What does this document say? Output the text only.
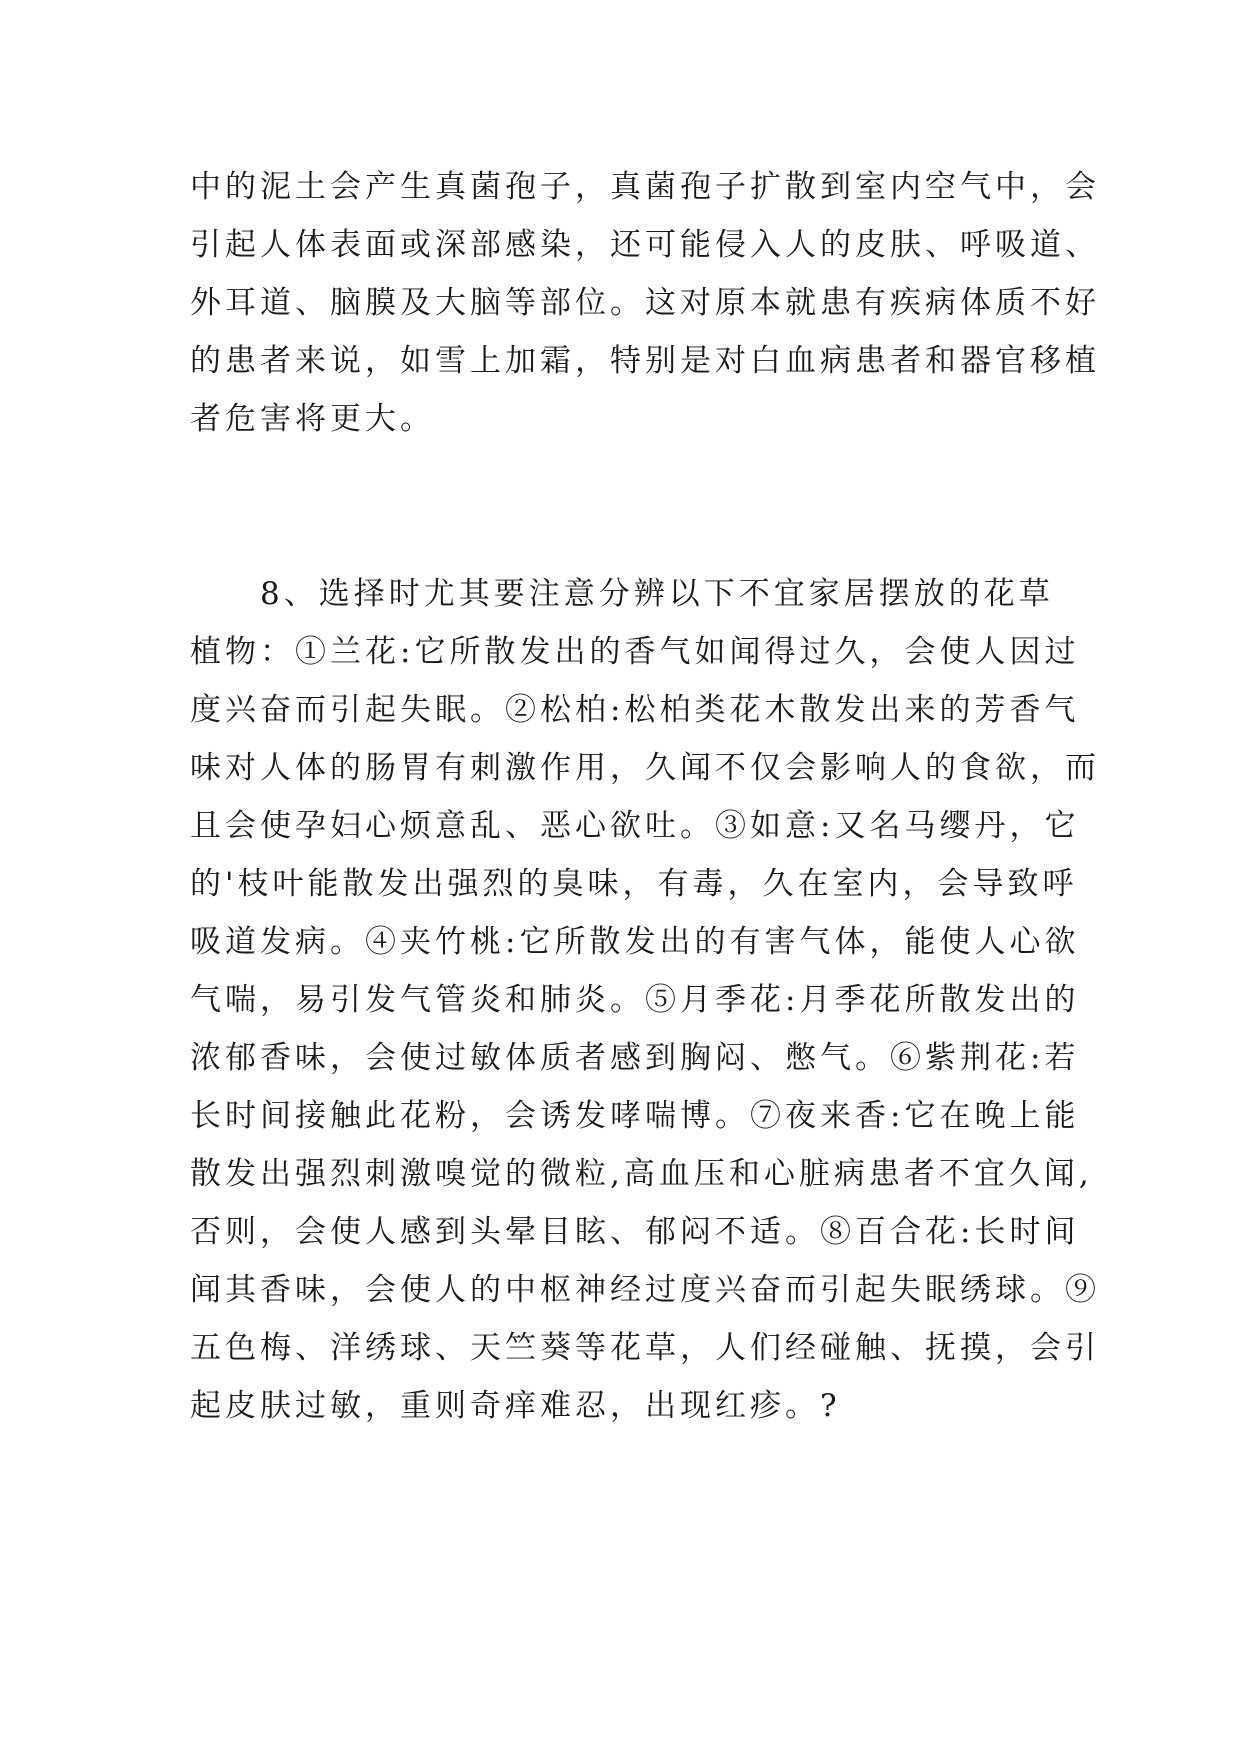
中的泥土会产生真菌孢子，真菌孢子扩散到室内空气中，会
引起人体表面或深部感染，还可能侵入人的皮肤、呼吸道、
外耳道、脑膜及大脑等部位。这对原本就患有疾病体质不好
的患者来说，如雪上加霜，特别是对白血病患者和器官移植
者危害将更大。
　　8、选择时尤其要注意分辨以下不宜家居摆放的花草
植物：①兰花:它所散发出的香气如闻得过久，会使人因过
度兴奋而引起失眠。②松柏:松柏类花木散发出来的芳香气
味对人体的肠胃有刺激作用，久闻不仅会影响人的食欲，而
且会使孕妇心烦意乱、恶心欲吐。③如意:又名马缨丹，它
的'枝叶能散发出强烈的臭味，有毒，久在室内，会导致呼
吸道发病。④夹竹桃:它所散发出的有害气体，能使人心欲
气喘，易引发气管炎和肺炎。⑤月季花:月季花所散发出的
浓郁香味，会使过敏体质者感到胸闷、憋气。⑥紫荆花:若
长时间接触此花粉，会诱发哮喘博。⑦夜来香:它在晚上能
散发出强烈刺激嗅觉的微粒,高血压和心脏病患者不宜久闻,
否则，会使人感到头晕目眩、郁闷不适。⑧百合花:长时间
闻其香味，会使人的中枢神经过度兴奋而引起失眠绣球。⑨
五色梅、洋绣球、天竺葵等花草，人们经碰触、抚摸，会引
起皮肤过敏，重则奇痒难忍，出现红疹。?
